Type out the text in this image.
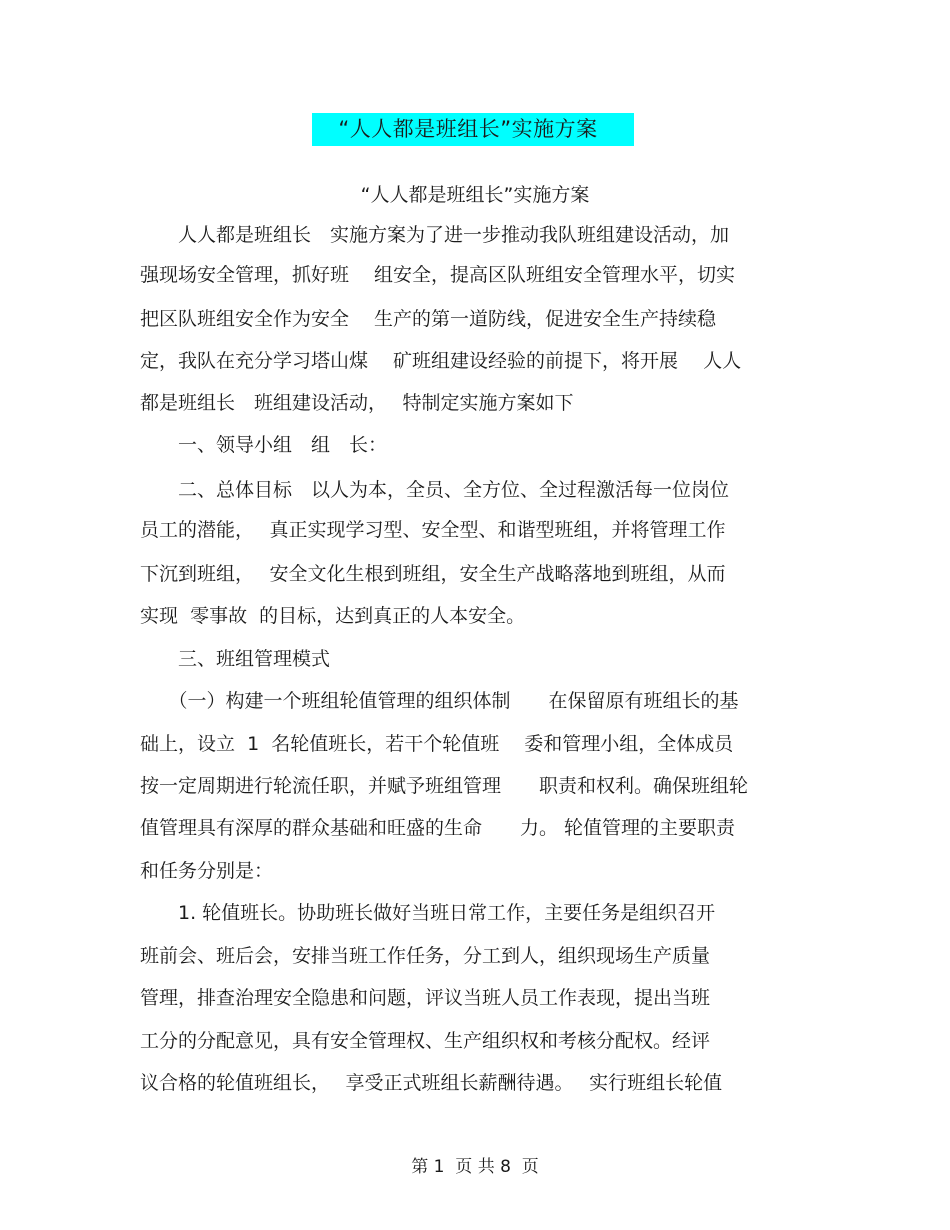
“人人都是班组长”实施方案
“人人都是班组长”实施方案
　　人人都是班组长　实施方案为了进一步推动我队班组建设活动，加
强现场安全管理，抓好班　 组安全，提高区队班组安全管理水平，切实
把区队班组安全作为安全　 生产的第一道防线，促进安全生产持续稳
定，我队在充分学习塔山煤　 矿班组建设经验的前提下，将开展　 人人
都是班组长　班组建设活动，　 特制定实施方案如下
　　一、领导小组　组　长：
　　二、总体目标　以人为本，全员、全方位、全过程激活每一位岗位
员工的潜能，　 真正实现学习型、安全型、和谐型班组，并将管理工作
下沉到班组，　 安全文化生根到班组，安全生产战略落地到班组，从而
实现  零事故  的目标，达到真正的人本安全。
　　三、班组管理模式
　　（一）构建一个班组轮值管理的组织体制　　在保留原有班组长的基
础上，设立  1  名轮值班长，若干个轮值班　 委和管理小组，全体成员
按一定周期进行轮流任职，并赋予班组管理　　职责和权利。确保班组轮
值管理具有深厚的群众基础和旺盛的生命　　力。 轮值管理的主要职责
和任务分别是：
　　1. 轮值班长。协助班长做好当班日常工作，主要任务是组织召开
班前会、班后会，安排当班工作任务，分工到人，组织现场生产质量
管理，排查治理安全隐患和问题，评议当班人员工作表现，提出当班
工分的分配意见，具有安全管理权、生产组织权和考核分配权。经评
议合格的轮值班组长，　 享受正式班组长薪酬待遇。　 实行班组长轮值
第 1  页 共 8  页
